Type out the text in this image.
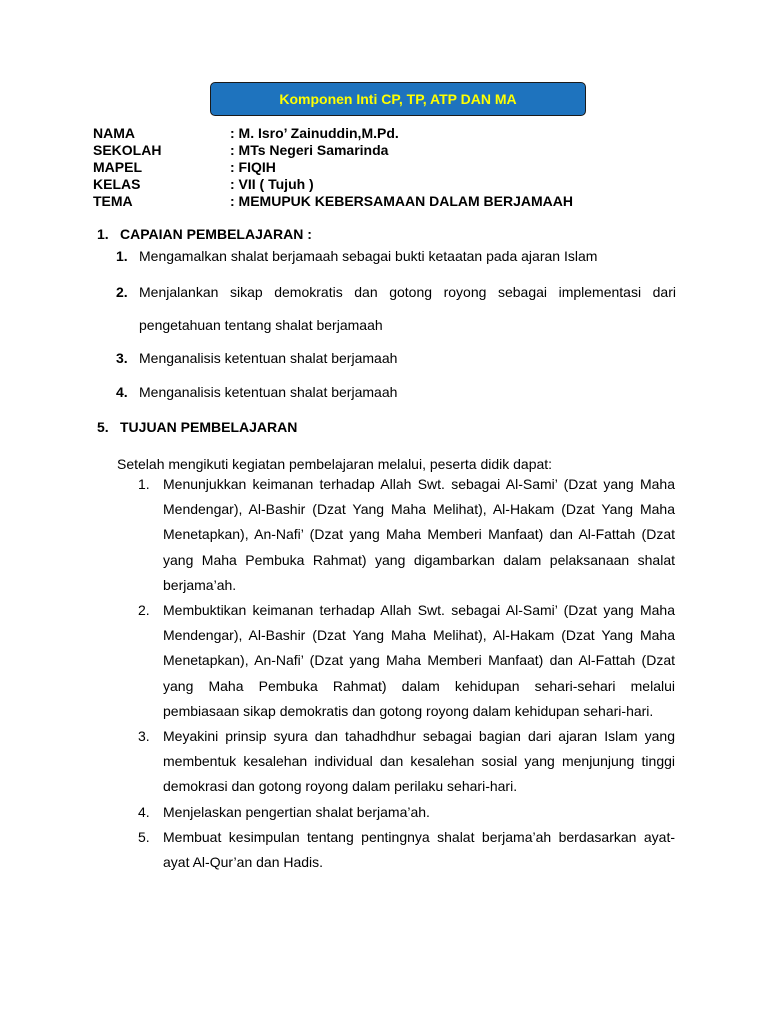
Komponen Inti CP, TP, ATP DAN MA
NAMA	: M. Isro’ Zainuddin,M.Pd.
SEKOLAH	: MTs Negeri Samarinda
MAPEL	: FIQIH
KELAS	: VII ( Tujuh )
TEMA	: MEMUPUK KEBERSAMAAN DALAM BERJAMAAH
1. CAPAIAN PEMBELAJARAN :
1. Mengamalkan shalat berjamaah sebagai bukti ketaatan pada ajaran Islam
2. Menjalankan sikap demokratis dan gotong royong sebagai implementasi dari pengetahuan tentang shalat berjamaah
3. Menganalisis ketentuan shalat berjamaah
4. Menganalisis ketentuan shalat berjamaah
5. TUJUAN PEMBELAJARAN
Setelah mengikuti kegiatan pembelajaran melalui, peserta didik dapat:
1. Menunjukkan keimanan terhadap Allah Swt. sebagai Al-Sami’ (Dzat yang Maha Mendengar), Al-Bashir (Dzat Yang Maha Melihat), Al-Hakam (Dzat Yang Maha Menetapkan), An-Nafi’ (Dzat yang Maha Memberi Manfaat) dan Al-Fattah (Dzat yang Maha Pembuka Rahmat) yang digambarkan dalam pelaksanaan shalat berjama’ah.
2. Membuktikan keimanan terhadap Allah Swt. sebagai Al-Sami’ (Dzat yang Maha Mendengar), Al-Bashir (Dzat Yang Maha Melihat), Al-Hakam (Dzat Yang Maha Menetapkan), An-Nafi’ (Dzat yang Maha Memberi Manfaat) dan Al-Fattah (Dzat yang Maha Pembuka Rahmat) dalam kehidupan sehari-sehari melalui pembiasaan sikap demokratis dan gotong royong dalam kehidupan sehari-hari.
3. Meyakini prinsip syura dan tahadhdhur sebagai bagian dari ajaran Islam yang membentuk kesalehan individual dan kesalehan sosial yang menjunjung tinggi demokrasi dan gotong royong dalam perilaku sehari-hari.
4. Menjelaskan pengertian shalat berjama’ah.
5. Membuat kesimpulan tentang pentingnya shalat berjama’ah berdasarkan ayat-ayat Al-Qur’an dan Hadis.
